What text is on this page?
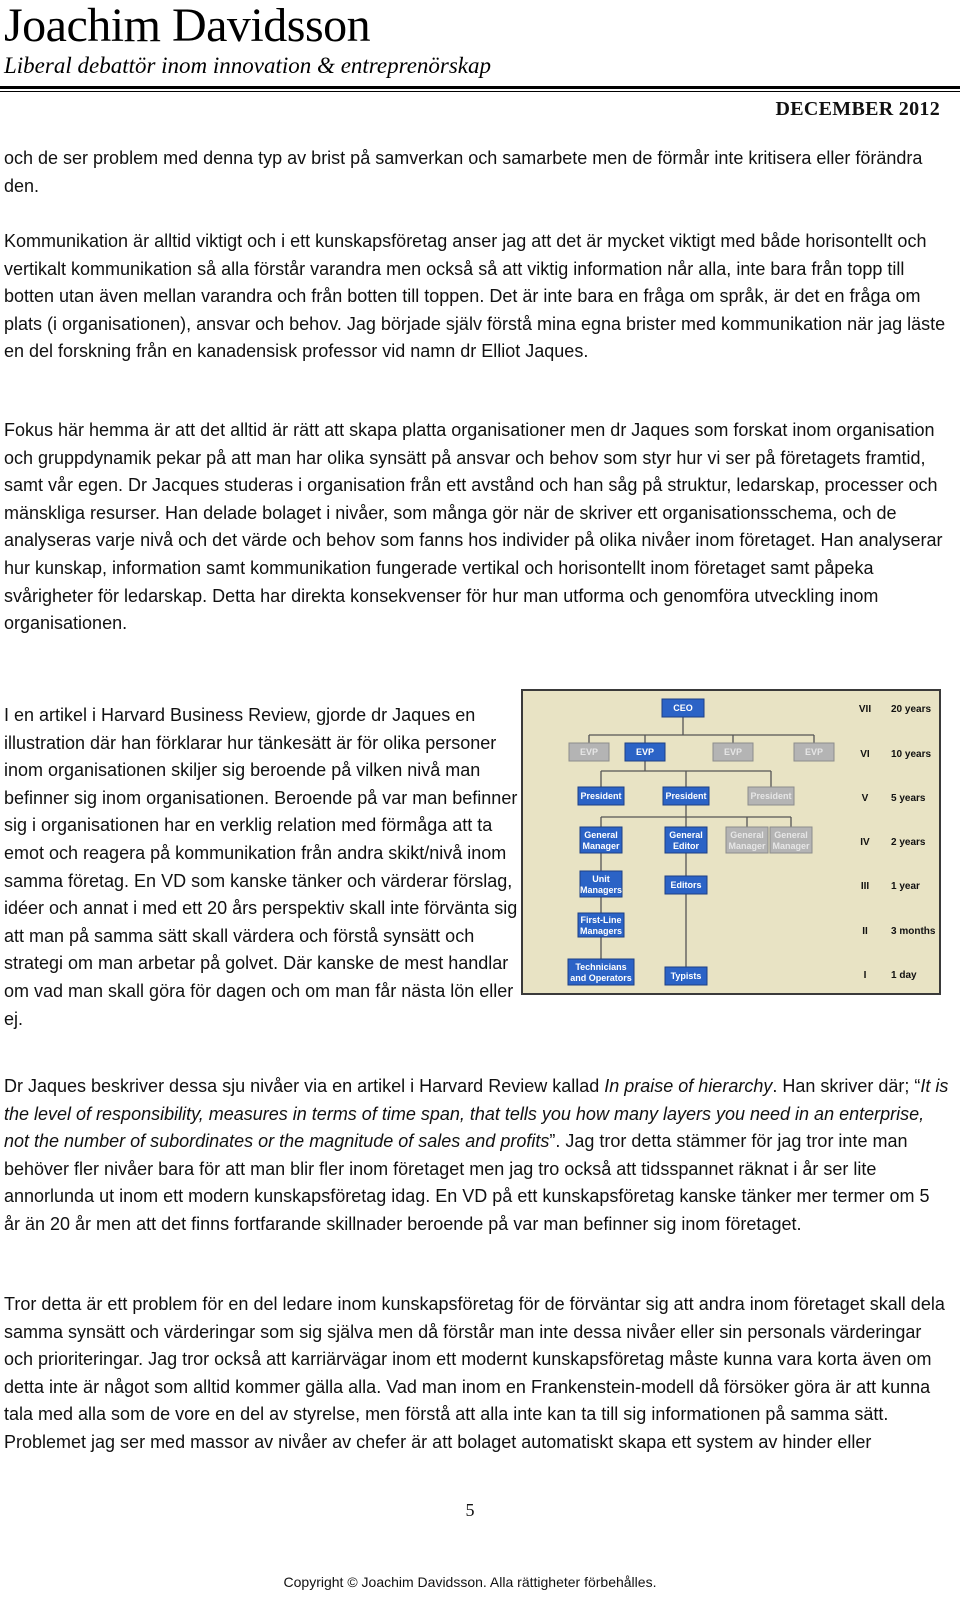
Joachim Davidsson
Liberal debattör inom innovation & entreprenörskap
DECEMBER 2012

och de ser problem med denna typ av brist på samverkan och samarbete men de förmår inte kritisera eller förändra den.

Kommunikation är alltid viktigt och i ett kunskapsföretag anser jag att det är mycket viktigt med både horisontellt och vertikalt kommunikation så alla förstår varandra men också så att viktig information når alla, inte bara från topp till botten utan även mellan varandra och från botten till toppen. Det är inte bara en fråga om språk, är det en fråga om plats (i organisationen), ansvar och behov. Jag började själv förstå mina egna brister med kommunikation när jag läste en del forskning från en kanadensisk professor vid namn dr Elliot Jaques.

Fokus här hemma är att det alltid är rätt att skapa platta organisationer men dr Jaques som forskat inom organisation och gruppdynamik pekar på att man har olika synsätt på ansvar och behov som styr hur vi ser på företagets framtid, samt vår egen. Dr Jacques studeras i organisation från ett avstånd och han såg på struktur, ledarskap, processer och mänskliga resurser. Han delade bolaget i nivåer, som många gör när de skriver ett organisationsschema, och de analyseras varje nivå och det värde och behov som fanns hos individer på olika nivåer inom företaget. Han analyserar hur kunskap, information samt kommunikation fungerade vertikal och horisontellt inom företaget samt påpeka svårigheter för ledarskap. Detta har direkta konsekvenser för hur man utforma och genomföra utveckling inom organisationen.

I en artikel i Harvard Business Review, gjorde dr Jaques en illustration där han förklarar hur tänkesätt är för olika personer inom organisationen skiljer sig beroende på vilken nivå man befinner sig inom organisationen. Beroende på var man befinner sig i organisationen har en verklig relation med förmåga att ta emot och reagera på kommunikation från andra skikt/nivå inom samma företag. En VD som kanske tänker och värderar förslag, idéer och annat i med ett 20 års perspektiv skall inte förvänta sig att man på samma sätt skall värdera och förstå synsätt och strategi om man arbetar på golvet. Där kanske de mest handlar om vad man skall göra för dagen och om man får nästa lön eller ej.

CEO
EVP	EVP	EVP	EVP
President	President	President
General
Manager
General
Editor
General
Manager
General
Manager
Unit
Managers	Editors
First-Line
Managers
Technicians
and Operators	Typists
VII 20 years
VI 10 years
V 5 years
IV 2 years
III 1 year
II 3 months
I 1 day

Dr Jaques beskriver dessa sju nivåer via en artikel i Harvard Review kallad In praise of hierarchy. Han skriver där; “It is the level of responsibility, measures in terms of time span, that tells you how many layers you need in an enterprise, not the number of subordinates or the magnitude of sales and profits”. Jag tror detta stämmer för jag tror inte man behöver fler nivåer bara för att man blir fler inom företaget men jag tro också att tidsspannet räknat i år ser lite annorlunda ut inom ett modern kunskapsföretag idag. En VD på ett kunskapsföretag kanske tänker mer termer om 5 år än 20 år men att det finns fortfarande skillnader beroende på var man befinner sig inom företaget.

Tror detta är ett problem för en del ledare inom kunskapsföretag för de förväntar sig att andra inom företaget skall dela samma synsätt och värderingar som sig själva men då förstår man inte dessa nivåer eller sin personals värderingar och prioriteringar. Jag tror också att karriärvägar inom ett modernt kunskapsföretag måste kunna vara korta även om detta inte är något som alltid kommer gälla alla. Vad man inom en Frankenstein-modell då försöker göra är att kunna tala med alla som de vore en del av styrelse, men förstå att alla inte kan ta till sig informationen på samma sätt. Problemet jag ser med massor av nivåer av chefer är att bolaget automatiskt skapa ett system av hinder eller

5
Copyright © Joachim Davidsson. Alla rättigheter förbehålles.
